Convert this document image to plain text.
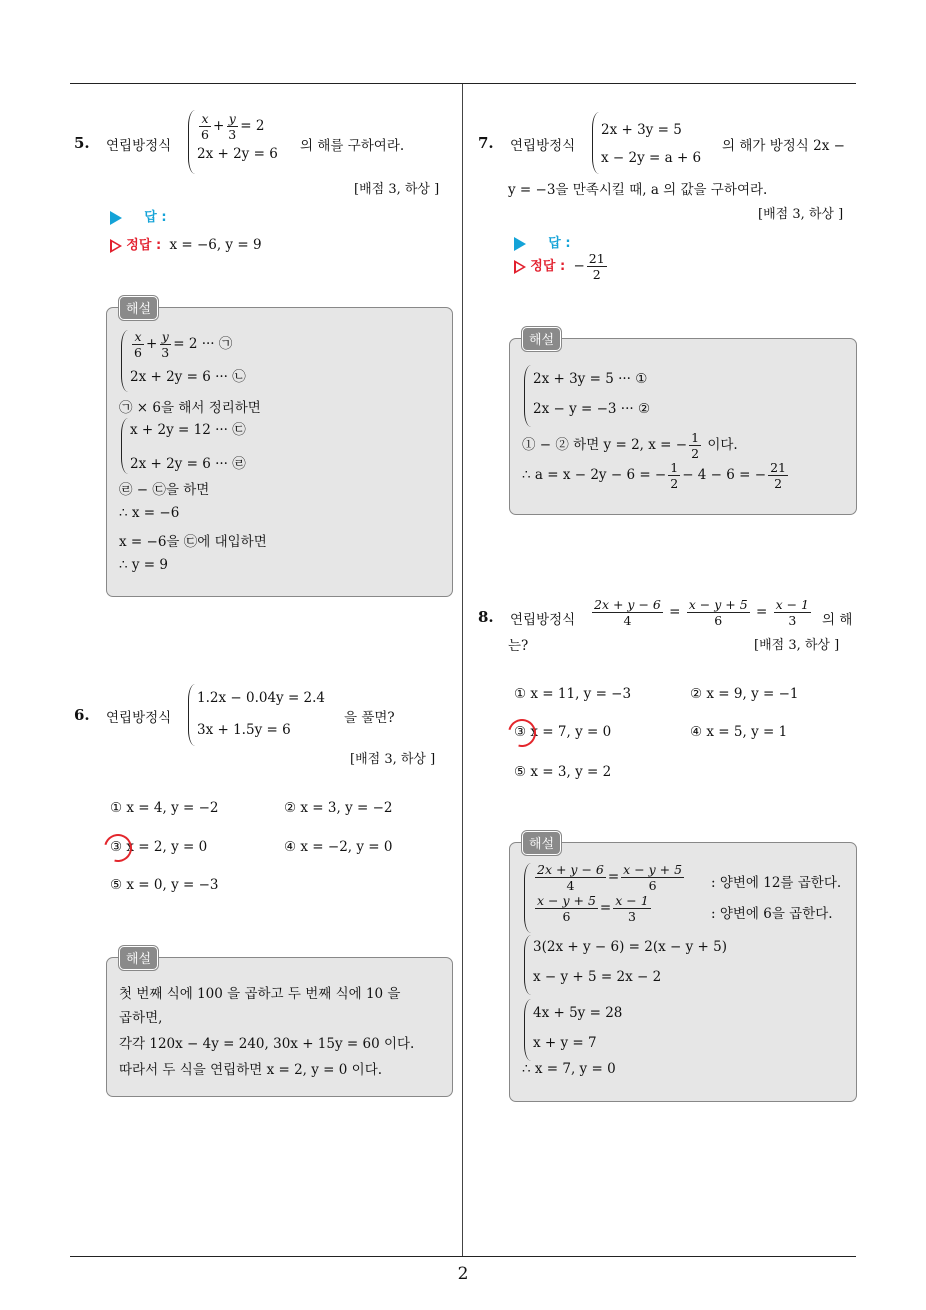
2
5. 연립방정식
$\frac{x}{6} + \frac{y}{3} = 2$
2x + 2y = 6 의 해를 구하여라.
[배점 3, 하상 ]
답 :
정답 : x = −6, y = 9
해설
$\frac{x}{6} + \frac{y}{3} = 2$ ··· ㉠
2x + 2y = 6 ··· ㉡
㉠ × 6을 해서 정리하면
x + 2y = 12 ··· ㉢
2x + 2y = 6 ··· ㉣
㉣ − ㉢을 하면
∴ x = −6
x = −6을 ㉢에 대입하면
∴ y = 9
6. 연립방정식
1.2x − 0.04y = 2.4
3x + 1.5y = 6
을 풀면?
[배점 3, 하상 ]
① x = 4, y = −2	② x = 3, y = −2
③ x = 2, y = 0	④ x = −2, y = 0
⑤ x = 0, y = −3
해설
첫 번째 식에 100 을 곱하고 두 번째 식에 10 을
곱하면,
각각 120x − 4y = 240, 30x + 15y = 60 이다.
따라서 두 식을 연립하면 x = 2, y = 0 이다.
7. 연립방정식
2x + 3y = 5
x − 2y = a + 6
의 해가 방정식 2x −
y = −3을 만족시킬 때, a 의 값을 구하여라.
[배점 3, 하상 ]
답 :
정답 : − $\frac{21}{2}$
해설
2x + 3y = 5 ··· ①
2x − y = −3 ··· ②
① − ② 하면 y = 2, x = − $\frac{1}{2}$ 이다.
∴ a = x − 2y − 6 = − $\frac{1}{2} - 4 - 6$ = − $\frac{21}{2}$
8. 연립방정식 $\frac{2x + y - 6}{4} = \frac{x - y + 5}{6} = \frac{x - 1}{3}$ 의 해
는?	[배점 3, 하상 ]
① x = 11, y = −3	② x = 9, y = −1
③ x = 7, y = 0	④ x = 5, y = 1
⑤ x = 3, y = 2
해설
$\frac{2x + y - 6}{4} = \frac{x - y + 5}{6}$ : 양변에 12를 곱한다.
$\frac{x - y + 5}{6} = \frac{x - 1}{3}$	: 양변에 6을 곱한다.
3(2x + y − 6) = 2(x − y + 5)
x − y + 5 = 2x − 2
4x + 5y = 28
x + y = 7
∴ x = 7, y = 0
